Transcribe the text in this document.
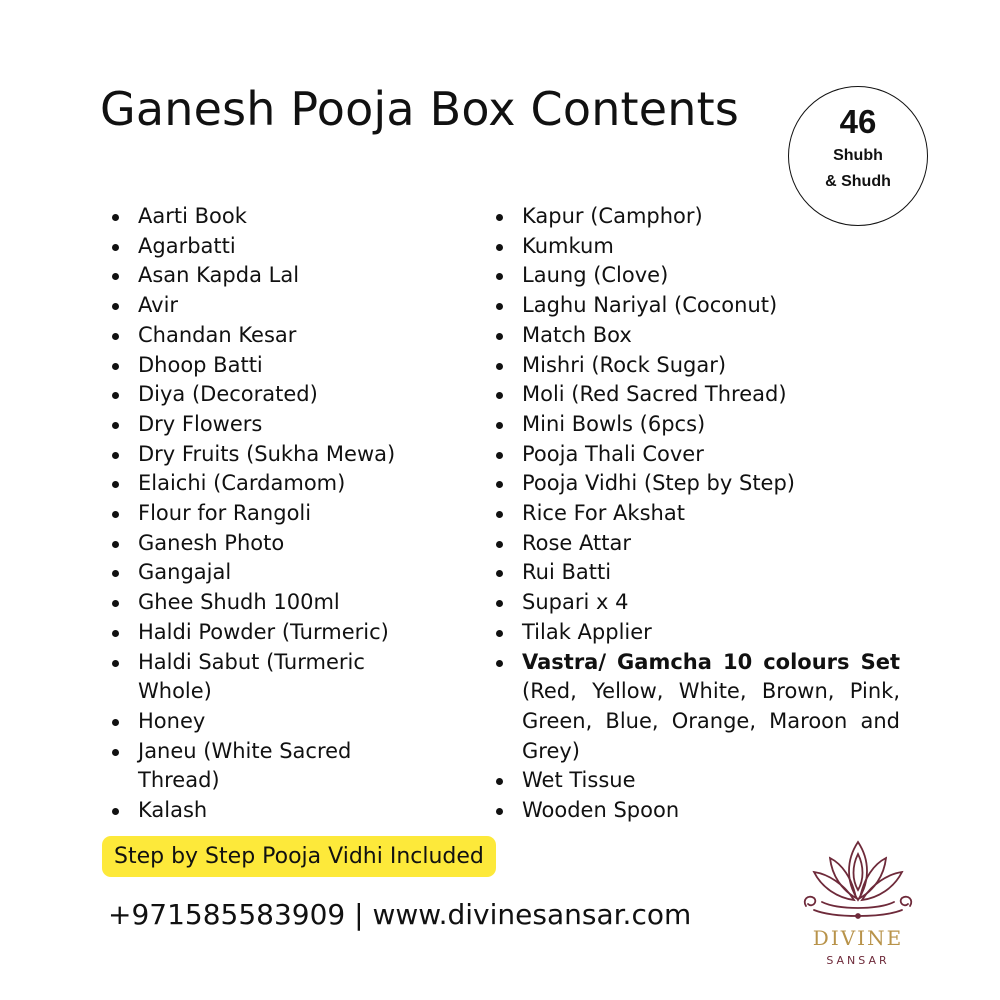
Ganesh Pooja Box Contents	46
Shubh
& Shudh
Aarti Book
Agarbatti
Asan Kapda Lal
Avir
Chandan Kesar
Dhoop Batti
Diya (Decorated)
Dry Flowers
Dry Fruits (Sukha Mewa)
Elaichi (Cardamom)
Flour for Rangoli
Ganesh Photo
Gangajal
Ghee Shudh 100ml
Haldi Powder (Turmeric)
Haldi Sabut (Turmeric Whole)
Honey
Janeu (White Sacred Thread)
Kalash
Kapur (Camphor)
Kumkum
Laung (Clove)
Laghu Nariyal (Coconut)
Match Box
Mishri (Rock Sugar)
Moli (Red Sacred Thread)
Mini Bowls (6pcs)
Pooja Thali Cover
Pooja Vidhi (Step by Step)
Rice For Akshat
Rose Attar
Rui Batti
Supari x 4
Tilak Applier
Vastra/ Gamcha 10 colours Set (Red, Yellow, White, Brown, Pink, Green, Blue, Orange, Maroon and Grey)
Wet Tissue
Wooden Spoon
Step by Step Pooja Vidhi Included
+971585583909 | www.divinesansar.com
DIVINE
SANSAR
